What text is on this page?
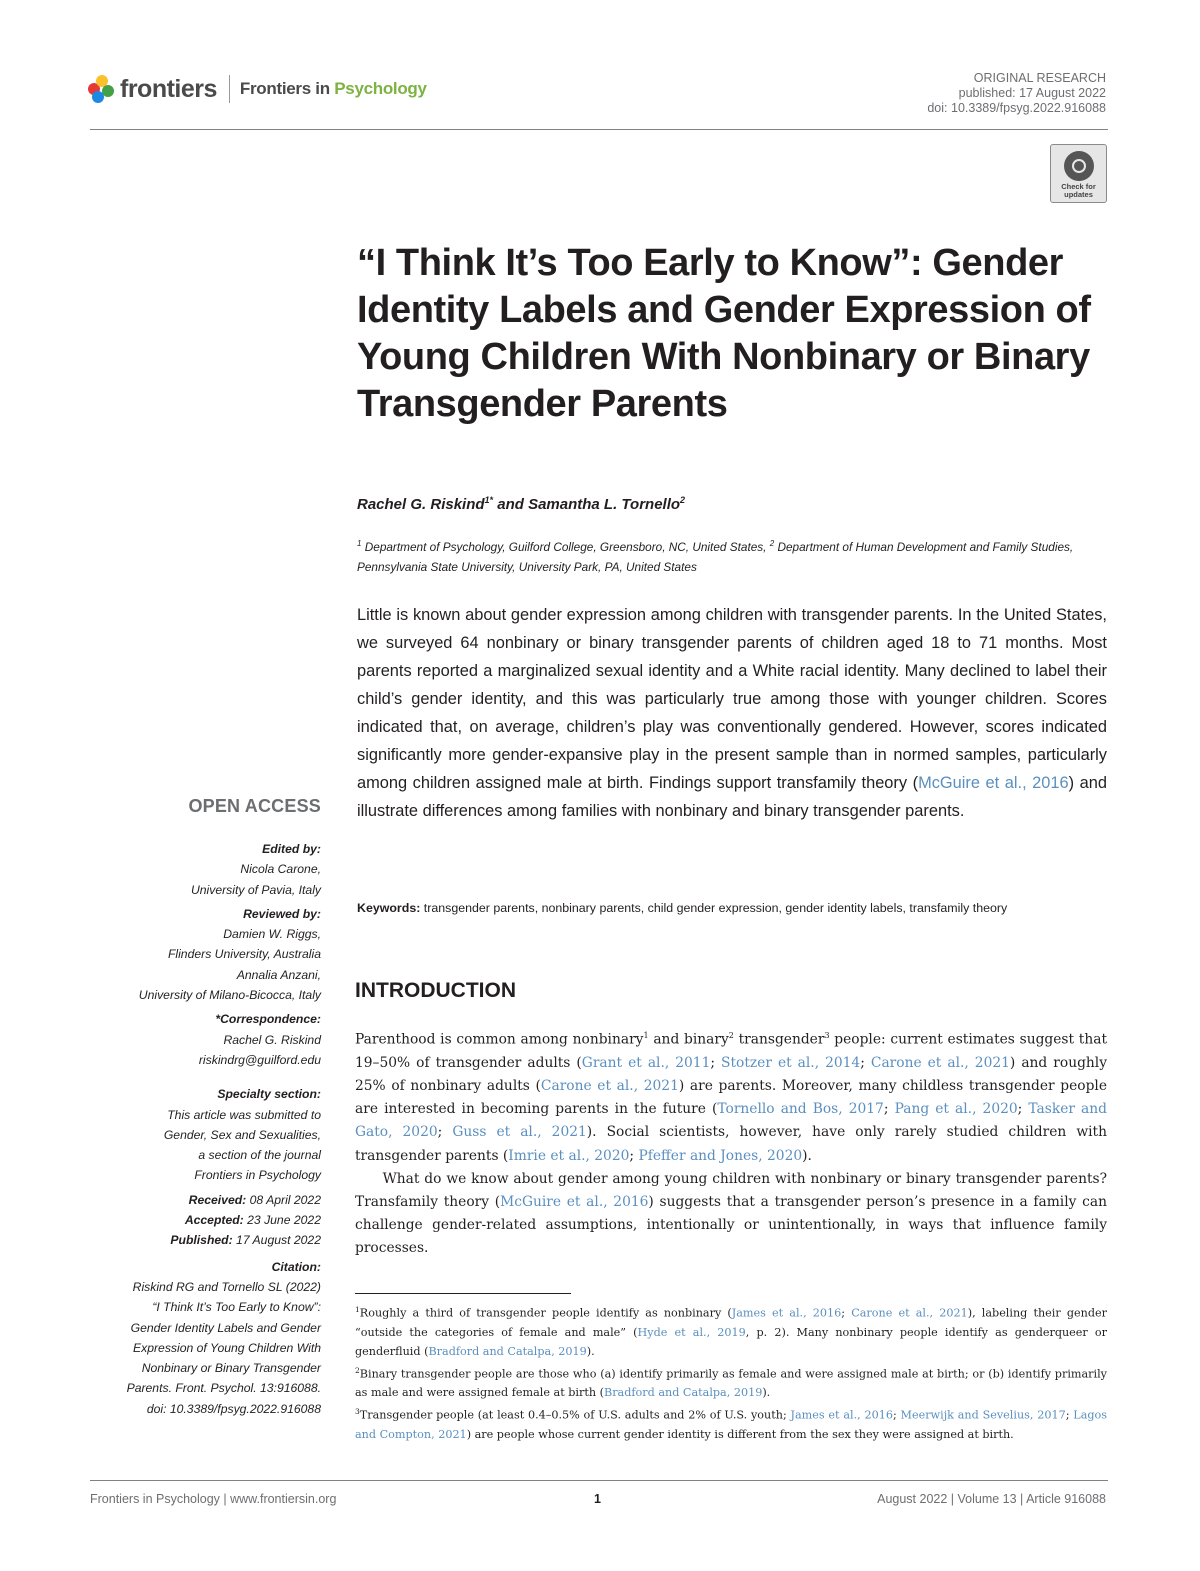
frontiers Frontiers in Psychology
ORIGINAL RESEARCH
published: 17 August 2022
doi: 10.3389/fpsyg.2022.916088
Check for updates
“I Think It’s Too Early to Know”: Gender Identity Labels and Gender Expression of Young Children With Nonbinary or Binary Transgender Parents
Rachel G. Riskind$^{1*}$ and Samantha L. Tornello$^2$
$^1$ Department of Psychology, Guilford College, Greensboro, NC, United States, $^2$ Department of Human Development and Family Studies, Pennsylvania State University, University Park, PA, United States
Little is known about gender expression among children with transgender parents. In the United States, we surveyed 64 nonbinary or binary transgender parents of children aged 18 to 71 months. Most parents reported a marginalized sexual identity and a White racial identity. Many declined to label their child’s gender identity, and this was particularly true among those with younger children. Scores indicated that, on average, children’s play was conventionally gendered. However, scores indicated significantly more gender-expansive play in the present sample than in normed samples, particularly among children assigned male at birth. Findings support transfamily theory (McGuire et al., 2016) and illustrate differences among families with nonbinary and binary transgender parents.
Keywords: transgender parents, nonbinary parents, child gender expression, gender identity labels, transfamily theory
INTRODUCTION

Parenthood is common among nonbinary$^1$ and binary$^2$ transgender$^3$ people: current estimates suggest that 19–50% of transgender adults (Grant et al., 2011; Stotzer et al., 2014; Carone et al., 2021) and roughly 25% of nonbinary adults (Carone et al., 2021) are parents. Moreover, many childless transgender people are interested in becoming parents in the future (Tornello and Bos, 2017; Pang et al., 2020; Tasker and Gato, 2020; Guss et al., 2021). Social scientists, however, have only rarely studied children with transgender parents (Imrie et al., 2020; Pfeffer and Jones, 2020).

What do we know about gender among young children with nonbinary or binary transgender parents? Transfamily theory (McGuire et al., 2016) suggests that a transgender person’s presence in a family can challenge gender-related assumptions, intentionally or unintentionally, in ways that influence family processes.

$^1$Roughly a third of transgender people identify as nonbinary (James et al., 2016; Carone et al., 2021), labeling their gender “outside the categories of female and male” (Hyde et al., 2019, p. 2). Many nonbinary people identify as genderqueer or genderfluid (Bradford and Catalpa, 2019).

$^2$Binary transgender people are those who (a) identify primarily as female and were assigned male at birth; or (b) identify primarily as male and were assigned female at birth (Bradford and Catalpa, 2019).

$^3$Transgender people (at least 0.4–0.5% of U.S. adults and 2% of U.S. youth; James et al., 2016; Meerwijk and Sevelius, 2017; Lagos and Compton, 2021) are people whose current gender identity is different from the sex they were assigned at birth.

OPEN ACCESS
Edited by:
Nicola Carone,
University of Pavia, Italy
Reviewed by:
Damien W. Riggs,
Flinders University, Australia
Annalia Anzani,
University of Milano-Bicocca, Italy
*Correspondence:
Rachel G. Riskind
riskindrg@guilford.edu
Specialty section:
This article was submitted to
Gender, Sex and Sexualities,
a section of the journal
Frontiers in Psychology
Received: 08 April 2022
Accepted: 23 June 2022
Published: 17 August 2022
Citation:
Riskind RG and Tornello SL (2022)
“I Think It’s Too Early to Know”:
Gender Identity Labels and Gender
Expression of Young Children With
Nonbinary or Binary Transgender
Parents. Front. Psychol. 13:916088.
doi: 10.3389/fpsyg.2022.916088
Frontiers in Psychology | www.frontiersin.org	1	August 2022 | Volume 13 | Article 916088
